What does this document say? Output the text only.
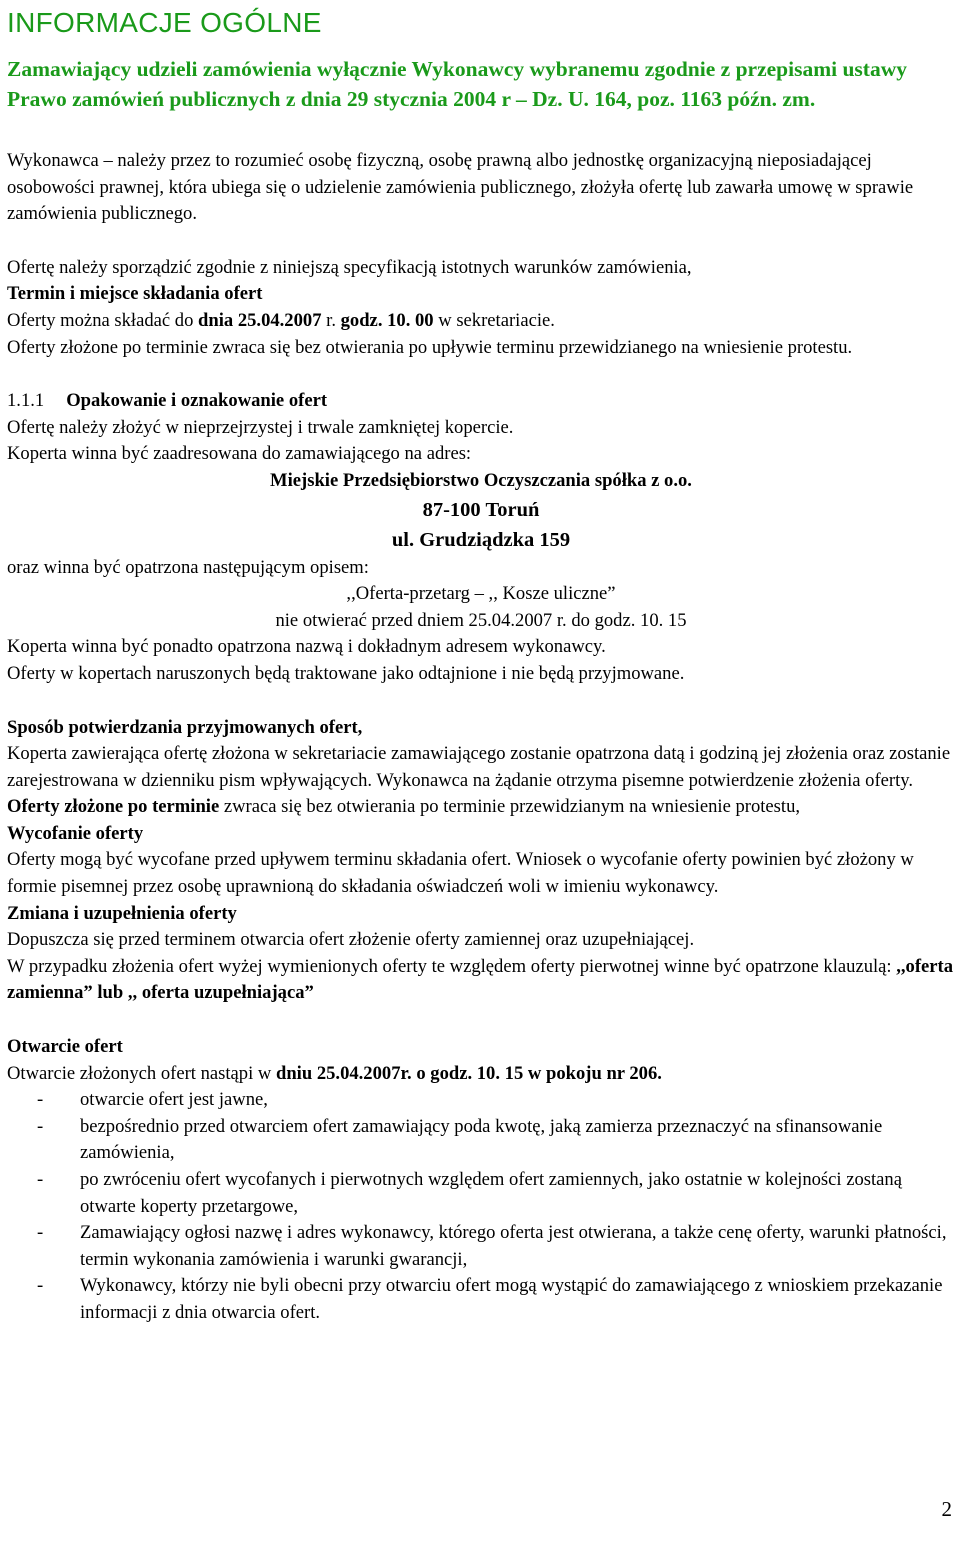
INFORMACJE OGÓLNE

Zamawiający udzieli zamówienia wyłącznie Wykonawcy wybranemu zgodnie z przepisami ustawy Prawo zamówień publicznych z dnia 29 stycznia 2004 r – Dz. U. 164, poz. 1163 późn. zm.

Wykonawca – należy przez to rozumieć osobę fizyczną, osobę prawną albo jednostkę organizacyjną nieposiadającej osobowości prawnej, która ubiega się o udzielenie zamówienia publicznego, złożyła ofertę lub zawarła umowę w sprawie zamówienia publicznego.

Ofertę należy sporządzić zgodnie z niniejszą specyfikacją istotnych warunków zamówienia,

Termin i miejsce składania ofert

Oferty można składać do dnia 25.04.2007 r. godz. 10. 00 w sekretariacie.

Oferty złożone po terminie zwraca się bez otwierania po upływie terminu przewidzianego na wniesienie protestu.

1.1.1 Opakowanie i oznakowanie ofert

Ofertę należy złożyć w nieprzejrzystej i trwale zamkniętej kopercie.

Koperta winna być zaadresowana do zamawiającego na adres:

Miejskie Przedsiębiorstwo Oczyszczania spółka z o.o.

87-100 Toruń

ul. Grudziądzka 159

oraz winna być opatrzona następującym opisem:

,,Oferta-przetarg – ,, Kosze uliczne”

nie otwierać przed dniem 25.04.2007 r. do godz. 10. 15

Koperta winna być ponadto opatrzona nazwą i dokładnym adresem wykonawcy.

Oferty w kopertach naruszonych będą traktowane jako odtajnione i nie będą przyjmowane.

Sposób potwierdzania przyjmowanych ofert,

Koperta zawierająca ofertę złożona w sekretariacie zamawiającego zostanie opatrzona datą i godziną jej złożenia oraz zostanie zarejestrowana w dzienniku pism wpływających. Wykonawca na żądanie otrzyma pisemne potwierdzenie złożenia oferty.

Oferty złożone po terminie zwraca się bez otwierania po terminie przewidzianym na wniesienie protestu,

Wycofanie oferty

Oferty mogą być wycofane przed upływem terminu składania ofert. Wniosek o wycofanie oferty powinien być złożony w formie pisemnej przez osobę uprawnioną do składania oświadczeń woli w imieniu wykonawcy.

Zmiana i uzupełnienia oferty

Dopuszcza się przed terminem otwarcia ofert złożenie oferty zamiennej oraz uzupełniającej.

W przypadku złożenia ofert wyżej wymienionych oferty te względem oferty pierwotnej winne być opatrzone klauzulą: ,,oferta zamienna” lub ,, oferta uzupełniająca”

Otwarcie ofert

Otwarcie złożonych ofert nastąpi w dniu 25.04.2007r. o godz. 10. 15 w pokoju nr 206.

- otwarcie ofert jest jawne,
- bezpośrednio przed otwarciem ofert zamawiający poda kwotę, jaką zamierza przeznaczyć na sfinansowanie zamówienia,
- po zwróceniu ofert wycofanych i pierwotnych względem ofert zamiennych, jako ostatnie w kolejności zostaną otwarte koperty przetargowe,
- Zamawiający ogłosi nazwę i adres wykonawcy, którego oferta jest otwierana, a także cenę oferty, warunki płatności, termin wykonania zamówienia i warunki gwarancji,
- Wykonawcy, którzy nie byli obecni przy otwarciu ofert mogą wystąpić do zamawiającego z wnioskiem przekazanie informacji z dnia otwarcia ofert.
2
